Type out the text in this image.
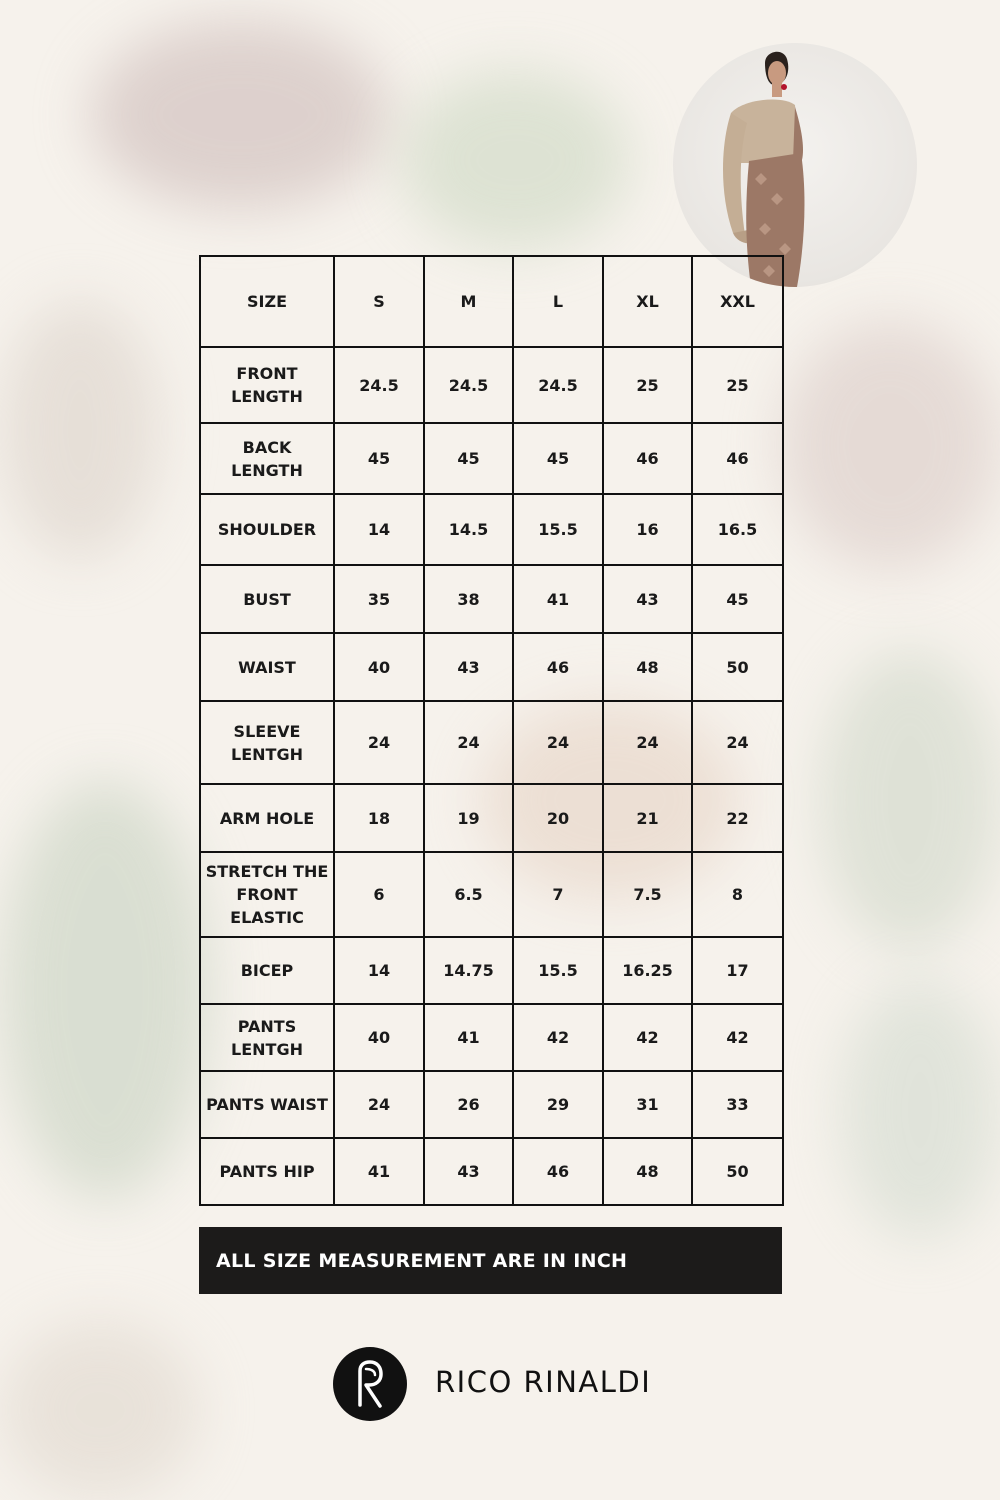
SIZE	S	M	L	XL	XXL
FRONT LENGTH	24.5	24.5	24.5	25	25
BACK LENGTH	45	45	45	46	46
SHOULDER	14	14.5	15.5	16	16.5
BUST	35	38	41	43	45
WAIST	40	43	46	48	50
SLEEVE LENTGH	24	24	24	24	24
ARM HOLE	18	19	20	21	22
STRETCH THE FRONT ELASTIC	6	6.5	7	7.5	8
BICEP	14	14.75	15.5	16.25	17
PANTS LENTGH	40	41	42	42	42
PANTS WAIST	24	26	29	31	33
PANTS HIP	41	43	46	48	50
ALL SIZE MEASUREMENT ARE IN INCH
RICO RINALDI
